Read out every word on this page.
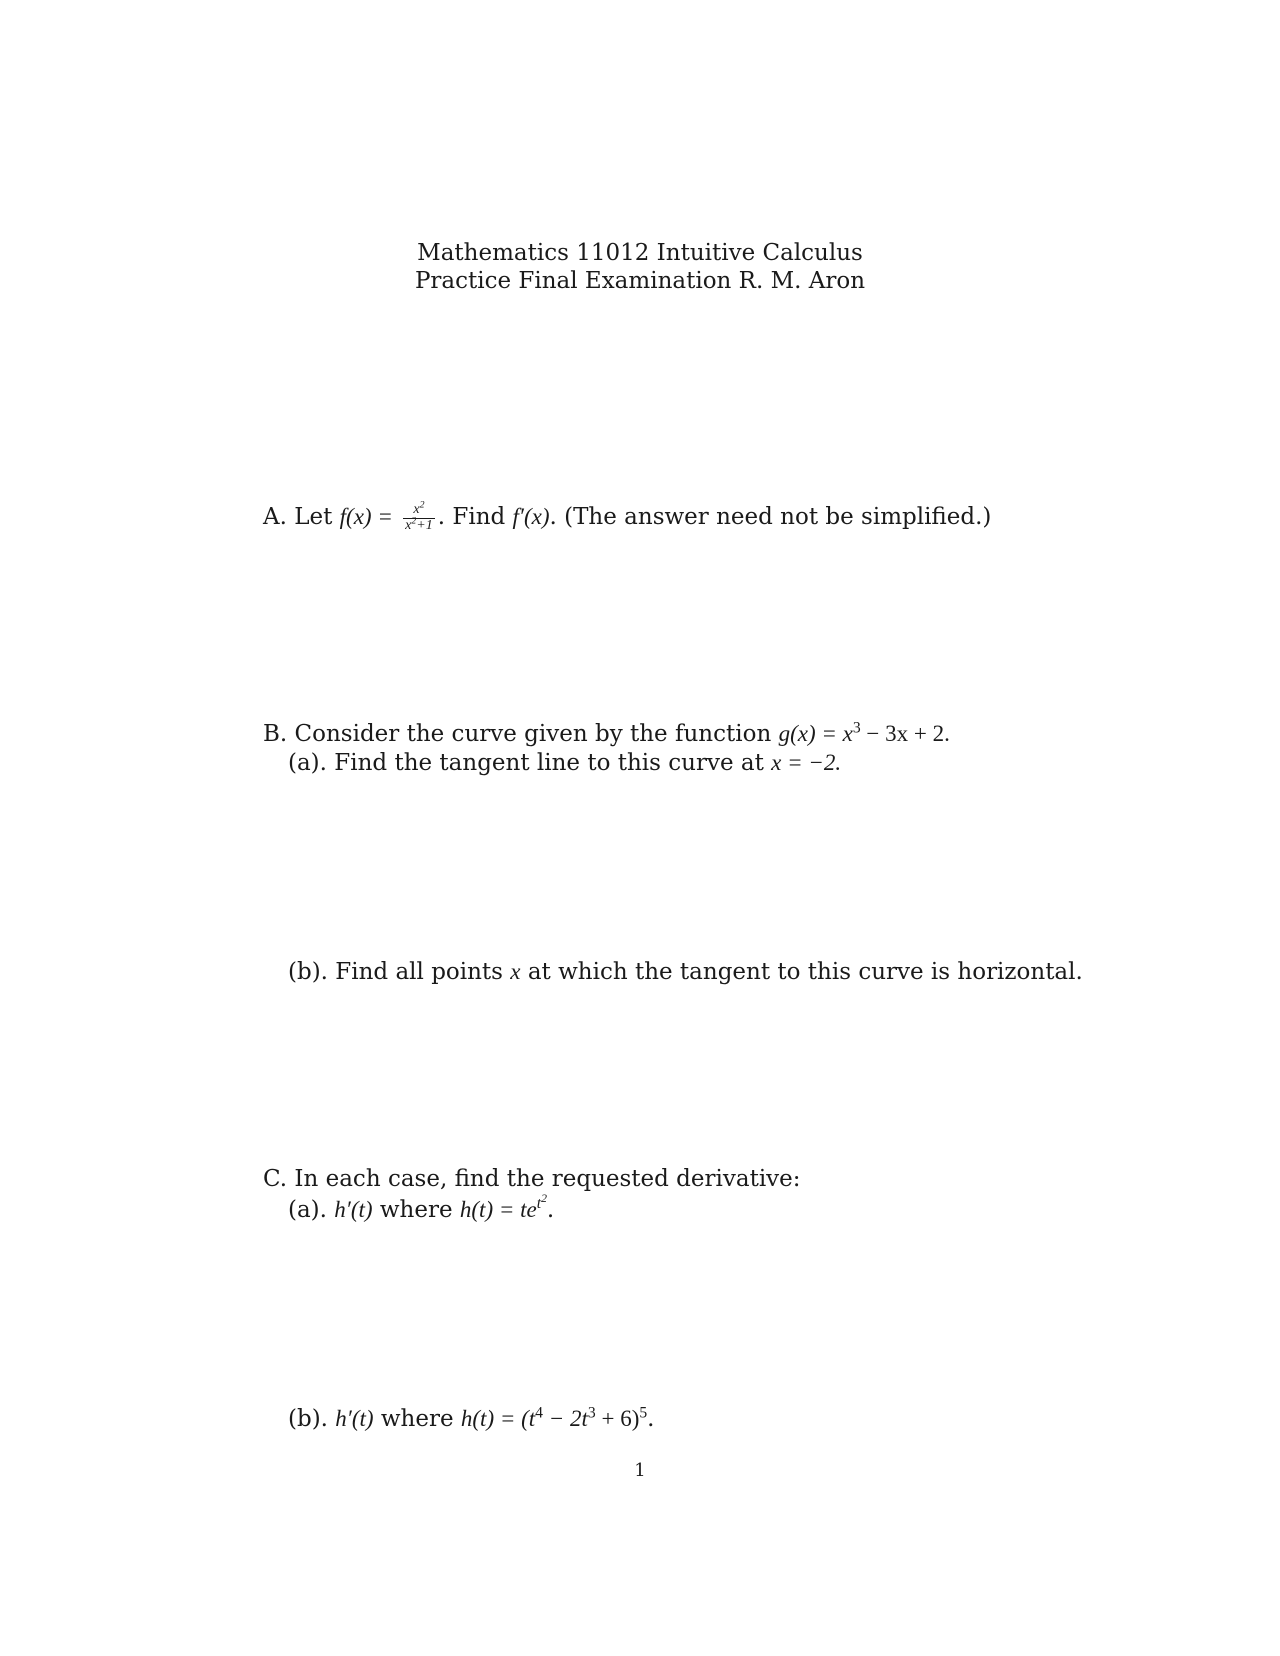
Mathematics 11012 Intuitive Calculus
Practice Final Examination R. M. Aron
A. Let $f(x) = \frac{x^2}{x^2+1}$ . Find f′(x). (The answer need not be simplified.)
B. Consider the curve given by the function $g(x) = x^3 - 3x + 2$.
(a). Find the tangent line to this curve at x = −2.
(b). Find all points x at which the tangent to this curve is horizontal.
C. In each case, find the requested derivative:
(a). h′(t) where $h(t) = te^{t^2}$.
(b). h′(t) where $h(t) = (t^4 - 2t^3 + 6)^5$.
1
